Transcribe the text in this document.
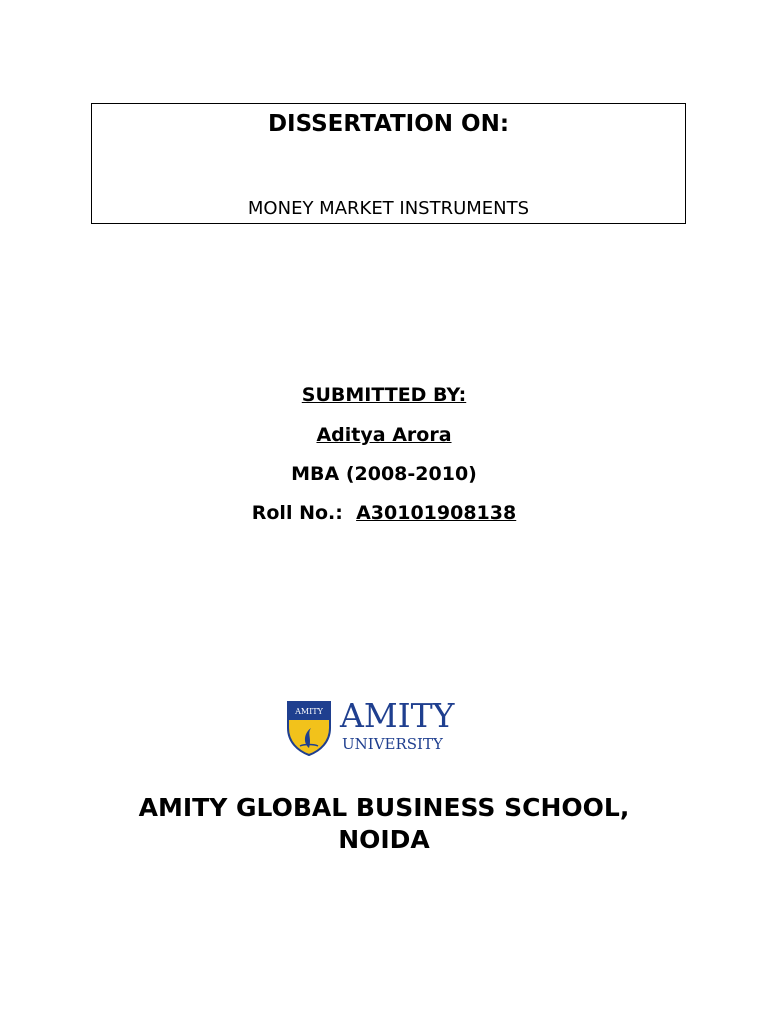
DISSERTATION ON:
MONEY MARKET INSTRUMENTS
SUBMITTED BY:
Aditya Arora
MBA (2008-2010)
Roll No.: A30101908138
AMITY AMITY
UNIVERSITY
AMITY GLOBAL BUSINESS SCHOOL,
NOIDA
